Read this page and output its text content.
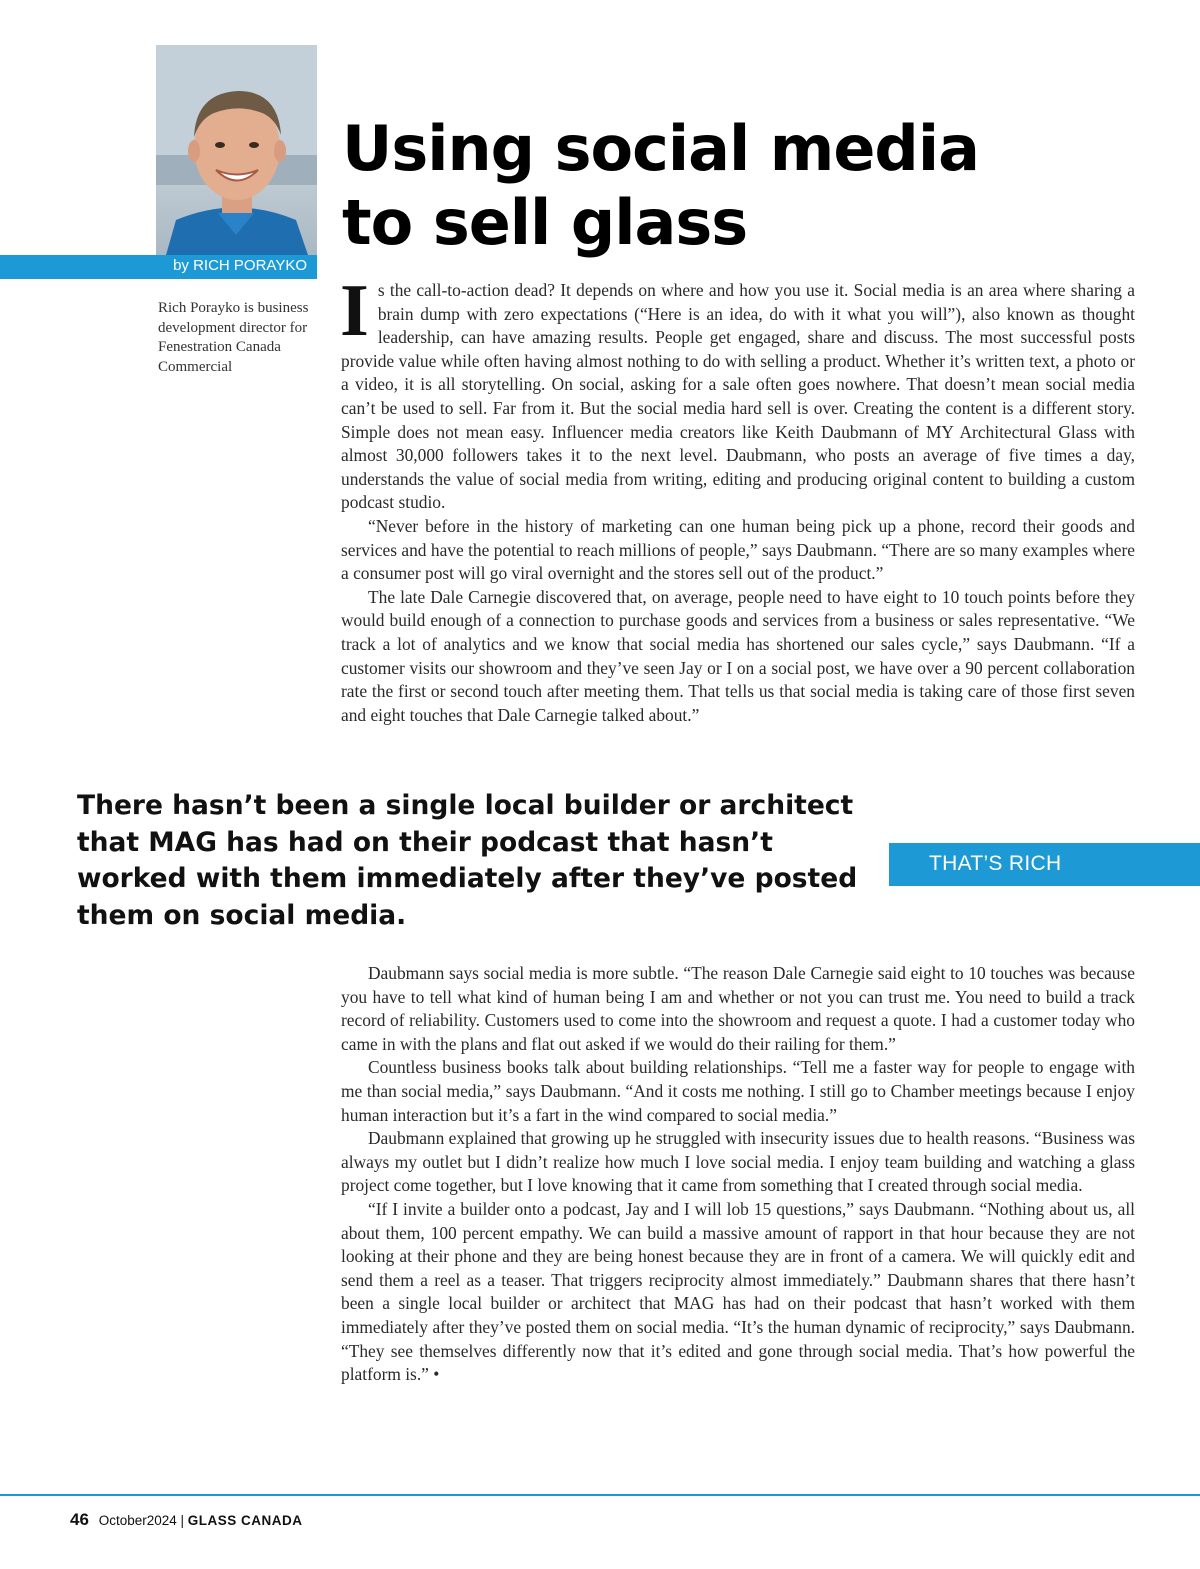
by RICH PORAYKO
Rich Porayko is business development director for Fenestration Canada Commercial
Using social media
to sell glass

Is the call-to-action dead? It depends on where and how you use it. Social media is an area where sharing a brain dump with zero expectations (“Here is an idea, do with it what you will”), also known as thought leadership, can have amazing results. People get engaged, share and discuss. The most successful posts provide value while often having almost nothing to do with selling a product. Whether it’s written text, a photo or a video, it is all storytelling. On social, asking for a sale often goes nowhere. That doesn’t mean social media can’t be used to sell. Far from it. But the social media hard sell is over. Creating the content is a different story. Simple does not mean easy. Influencer media creators like Keith Daubmann of MY Architectural Glass with almost 30,000 followers takes it to the next level. Daubmann, who posts an average of five times a day, understands the value of social media from writing, editing and producing original content to building a custom podcast studio.

“Never before in the history of marketing can one human being pick up a phone, record their goods and services and have the potential to reach millions of people,” says Daubmann. “There are so many examples where a consumer post will go viral overnight and the stores sell out of the product.”

The late Dale Carnegie discovered that, on average, people need to have eight to 10 touch points before they would build enough of a connection to purchase goods and services from a business or sales representative. “We track a lot of analytics and we know that social media has shortened our sales cycle,” says Daubmann. “If a customer visits our showroom and they’ve seen Jay or I on a social post, we have over a 90 percent collaboration rate the first or second touch after meeting them. That tells us that social media is taking care of those first seven and eight touches that Dale Carnegie talked about.”

There hasn’t been a single local builder or architect that MAG has had on their podcast that hasn’t worked with them immediately after they’ve posted them on social media.

THAT’S RICH

Daubmann says social media is more subtle. “The reason Dale Carnegie said eight to 10 touches was because you have to tell what kind of human being I am and whether or not you can trust me. You need to build a track record of reliability. Customers used to come into the showroom and request a quote. I had a customer today who came in with the plans and flat out asked if we would do their railing for them.”

Countless business books talk about building relationships. “Tell me a faster way for people to engage with me than social media,” says Daubmann. “And it costs me nothing. I still go to Chamber meetings because I enjoy human interaction but it’s a fart in the wind compared to social media.”

Daubmann explained that growing up he struggled with insecurity issues due to health reasons. “Business was always my outlet but I didn’t realize how much I love social media. I enjoy team building and watching a glass project come together, but I love knowing that it came from something that I created through social media.

“If I invite a builder onto a podcast, Jay and I will lob 15 questions,” says Daubmann. “Nothing about us, all about them, 100 percent empathy. We can build a massive amount of rapport in that hour because they are not looking at their phone and they are being honest because they are in front of a camera. We will quickly edit and send them a reel as a teaser. That triggers reciprocity almost immediately.” Daubmann shares that there hasn’t been a single local builder or architect that MAG has had on their podcast that hasn’t worked with them immediately after they’ve posted them on social media. “It’s the human dynamic of reciprocity,” says Daubmann. “They see themselves differently now that it’s edited and gone through social media. That’s how powerful the platform is.” •

46 October2024 | GLASS CANADA
